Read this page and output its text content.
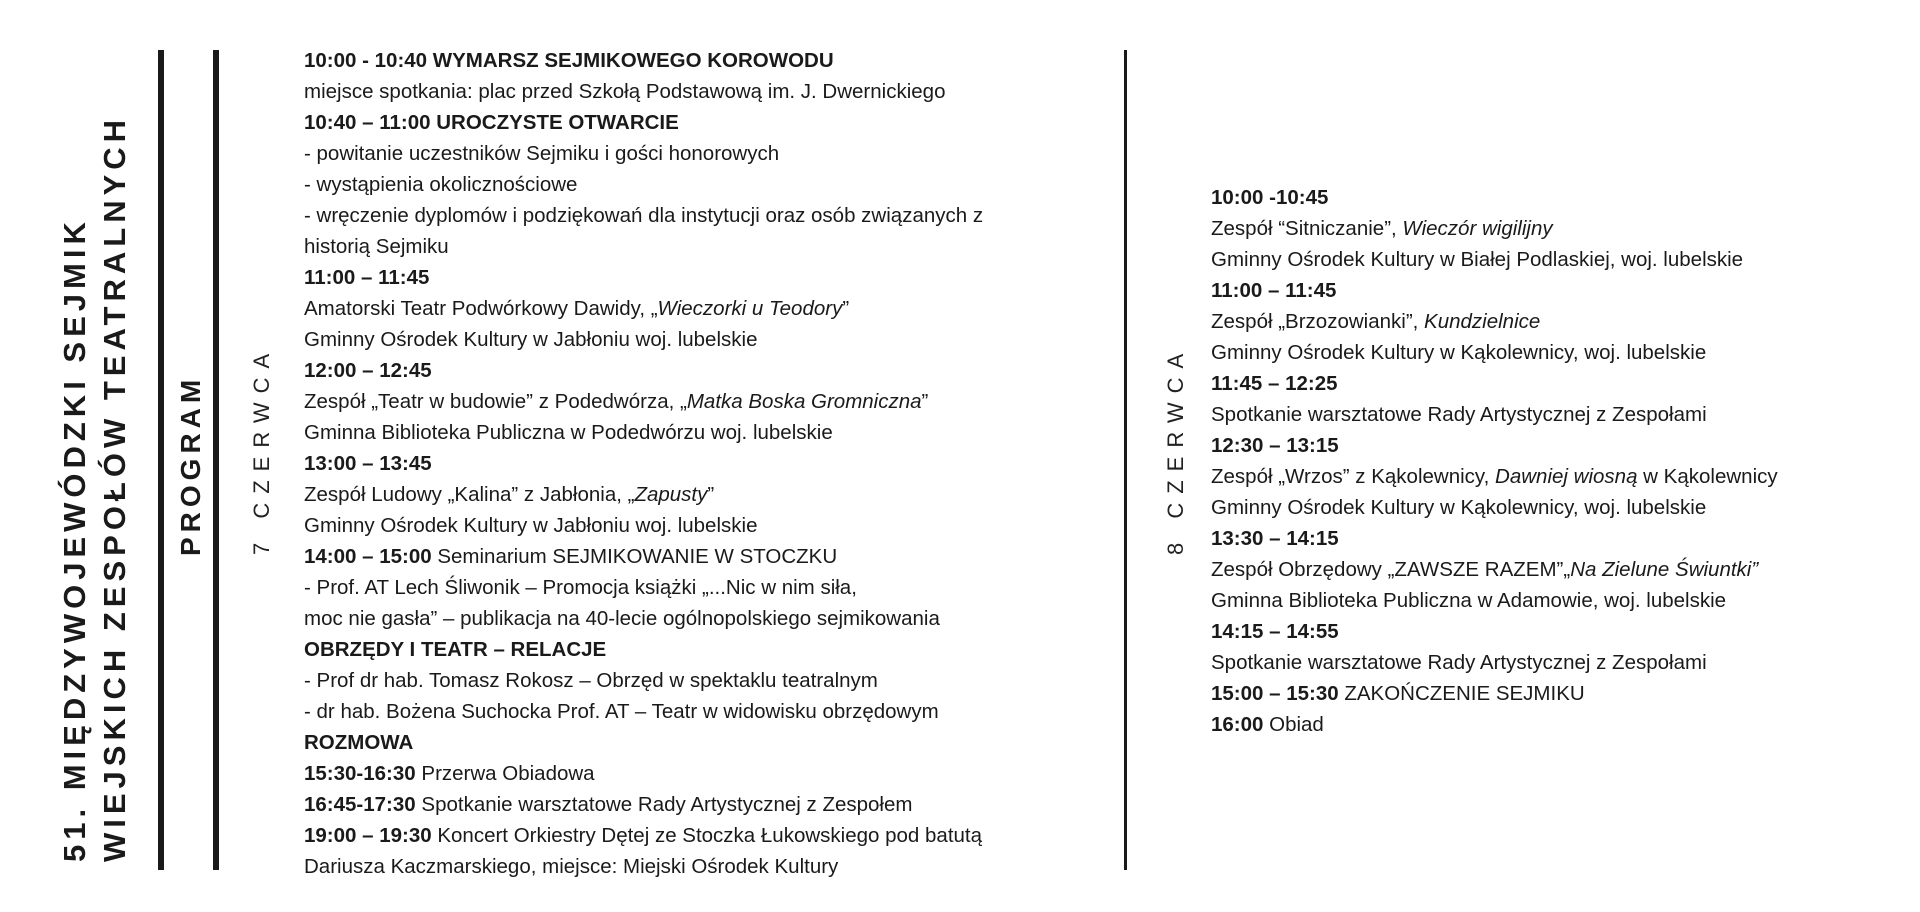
51. MIĘDZYWOJEWÓDZKI SEJMIK WIEJSKICH ZESPOŁÓW TEATRALNYCH PROGRAM 7 CZERWCA	8 CZERWCA
10:00 - 10:40 WYMARSZ SEJMIKOWEGO KOROWODU
miejsce spotkania: plac przed Szkołą Podstawową im. J. Dwernickiego
10:40 – 11:00 UROCZYSTE OTWARCIE
- powitanie uczestników Sejmiku i gości honorowych
- wystąpienia okolicznościowe
- wręczenie dyplomów i podziękowań dla instytucji oraz osób związanych z
historią Sejmiku
11:00 – 11:45
Amatorski Teatr Podwórkowy Dawidy, „Wieczorki u Teodory”
Gminny Ośrodek Kultury w Jabłoniu woj. lubelskie
12:00 – 12:45
Zespół „Teatr w budowie” z Podedwórza, „Matka Boska Gromniczna”
Gminna Biblioteka Publiczna w Podedwórzu woj. lubelskie
13:00 – 13:45
Zespół Ludowy „Kalina” z Jabłonia, „Zapusty”
Gminny Ośrodek Kultury w Jabłoniu woj. lubelskie
14:00 – 15:00 Seminarium SEJMIKOWANIE W STOCZKU
- Prof. AT Lech Śliwonik – Promocja książki „...Nic w nim siła,
moc nie gasła” – publikacja na 40-lecie ogólnopolskiego sejmikowania
OBRZĘDY I TEATR – RELACJE
- Prof dr hab. Tomasz Rokosz – Obrzęd w spektaklu teatralnym
- dr hab. Bożena Suchocka Prof. AT – Teatr w widowisku obrzędowym
ROZMOWA
15:30-16:30 Przerwa Obiadowa
16:45-17:30 Spotkanie warsztatowe Rady Artystycznej z Zespołem
19:00 – 19:30 Koncert Orkiestry Dętej ze Stoczka Łukowskiego pod batutą
Dariusza Kaczmarskiego, miejsce: Miejski Ośrodek Kultury
10:00 -10:45
Zespół “Sitniczanie”, Wieczór wigilijny
Gminny Ośrodek Kultury w Białej Podlaskiej, woj. lubelskie
11:00 – 11:45
Zespół „Brzozowianki”, Kundzielnice
Gminny Ośrodek Kultury w Kąkolewnicy, woj. lubelskie
11:45 – 12:25
Spotkanie warsztatowe Rady Artystycznej z Zespołami
12:30 – 13:15
Zespół „Wrzos” z Kąkolewnicy, Dawniej wiosną w Kąkolewnicy
Gminny Ośrodek Kultury w Kąkolewnicy, woj. lubelskie
13:30 – 14:15
Zespół Obrzędowy „ZAWSZE RAZEM”„Na Zielune Świuntki”
Gminna Biblioteka Publiczna w Adamowie, woj. lubelskie
14:15 – 14:55
Spotkanie warsztatowe Rady Artystycznej z Zespołami
15:00 – 15:30 ZAKOŃCZENIE SEJMIKU
16:00 Obiad
